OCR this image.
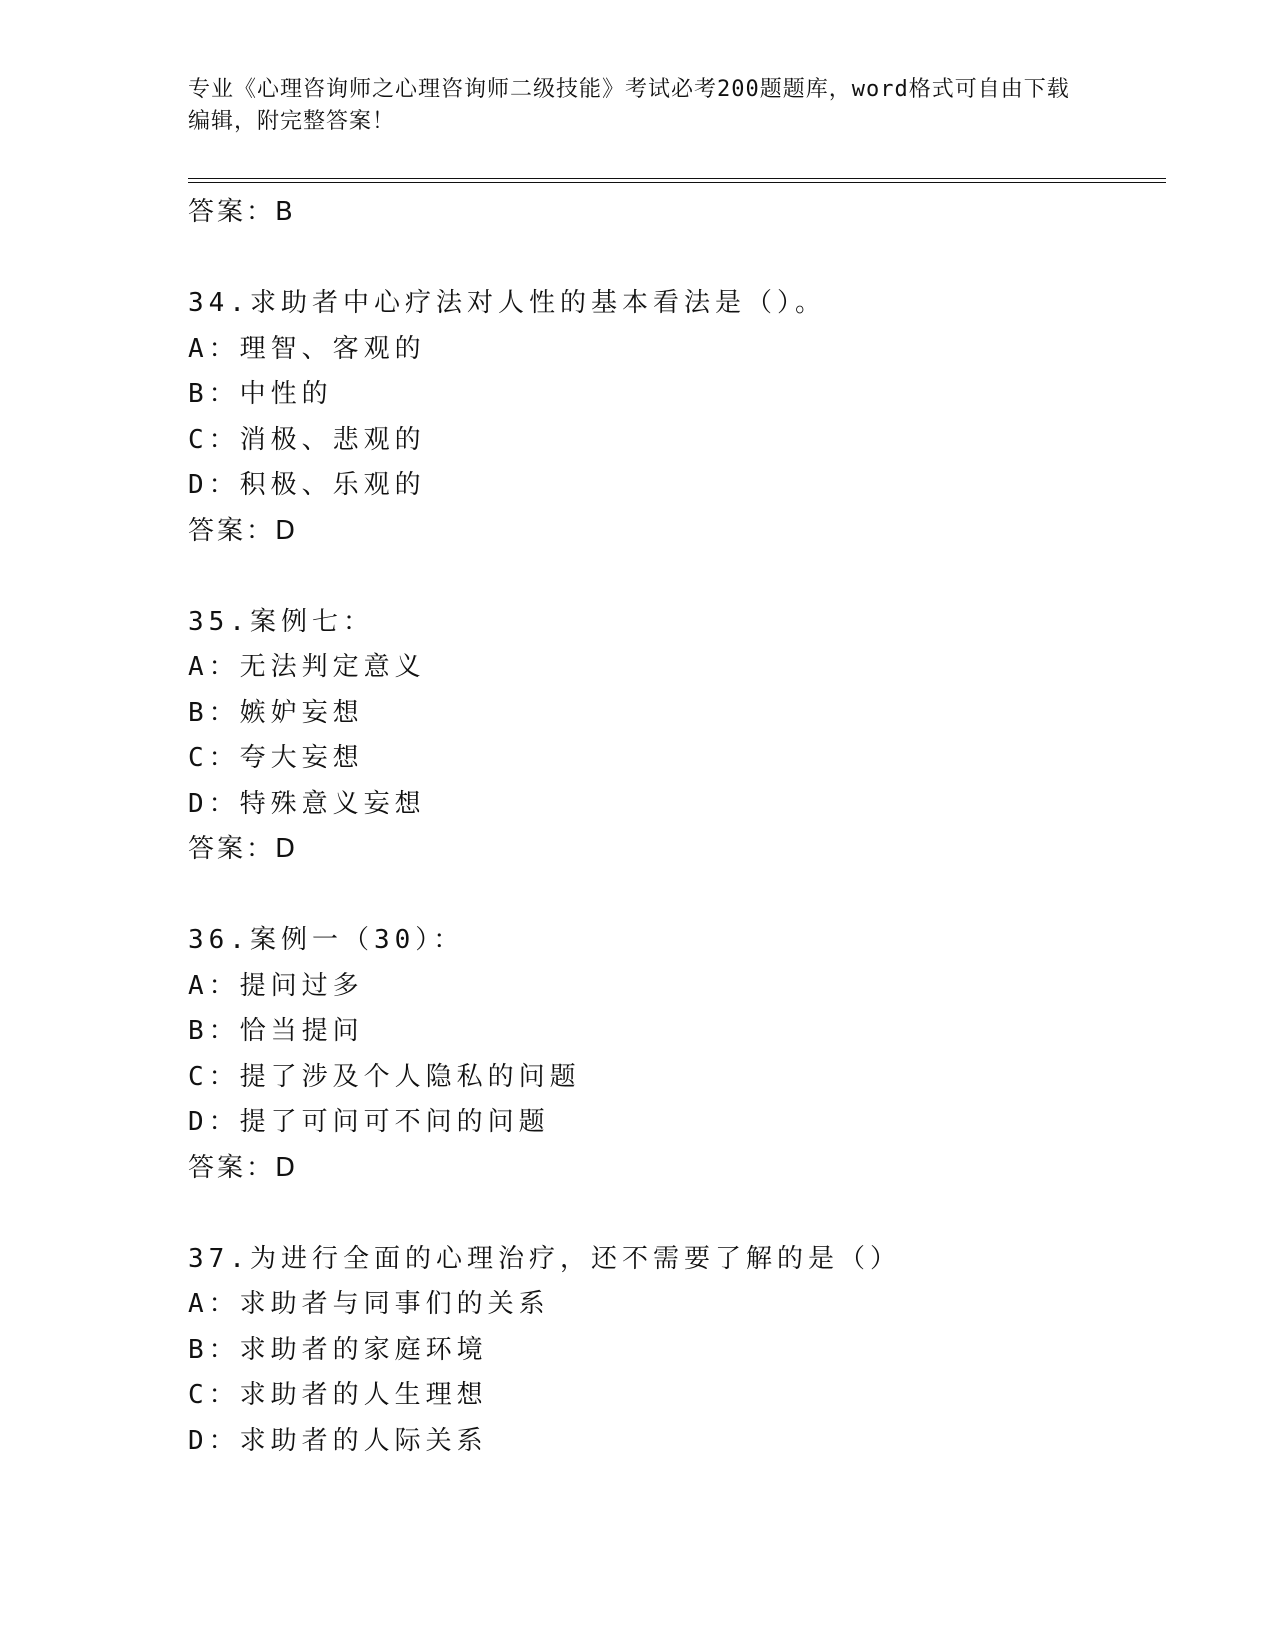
专业《心理咨询师之心理咨询师二级技能》考试必考200题题库，word格式可自由下载编辑，附完整答案！

答案：B
34.求助者中心疗法对人性的基本看法是（）。
A：理智、客观的
B：中性的
C：消极、悲观的
D：积极、乐观的
答案：D
35.案例七：
A：无法判定意义
B：嫉妒妄想
C：夸大妄想
D：特殊意义妄想
答案：D
36.案例一（30）：
A：提问过多
B：恰当提问
C：提了涉及个人隐私的问题
D：提了可问可不问的问题
答案：D
37.为进行全面的心理治疗，还不需要了解的是（）
A：求助者与同事们的关系
B：求助者的家庭环境
C：求助者的人生理想
D：求助者的人际关系
